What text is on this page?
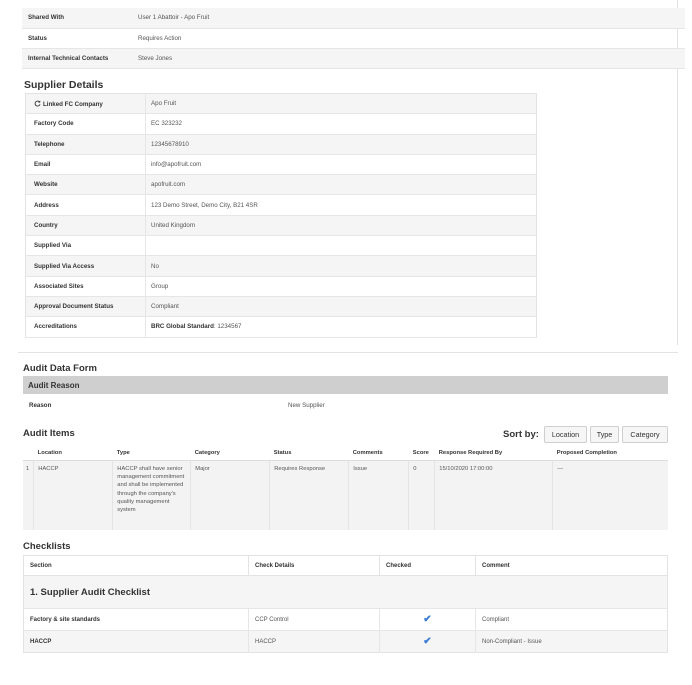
Shared With	User 1 Abattoir - Apo Fruit
Status	Requires Action
Internal Technical Contacts	Steve Jones
Supplier Details
Linked FC Company	Apo Fruit
Factory Code	EC 323232
Telephone	12345678910
Email	info@apofruit.com
Website	apofruit.com
Address	123 Demo Street, Demo City, B21 4SR
Country	United Kingdom
Supplied Via	
Supplied Via Access	No
Associated Sites	Group
Approval Document Status	Compliant
Accreditations	BRC Global Standard: 1234567
Audit Data Form
Audit Reason
Reason	New Supplier
Audit Items	Sort by:	Location	Type	Category
	Location	Type	Category	Status	Comments	Score	Response Required By	Proposed Completion
1	HACCP	HACCP shall have senior management commitment and shall be implemented through the company's quality management system	Major	Requires Response	Issue	0	15/10/2020 17:00:00	—
Checklists
Section	Check Details	Checked	Comment
1. Supplier Audit Checklist			
Factory & site standards	CCP Control	✔	Compliant
HACCP	HACCP	✔	Non-Compliant - Issue
